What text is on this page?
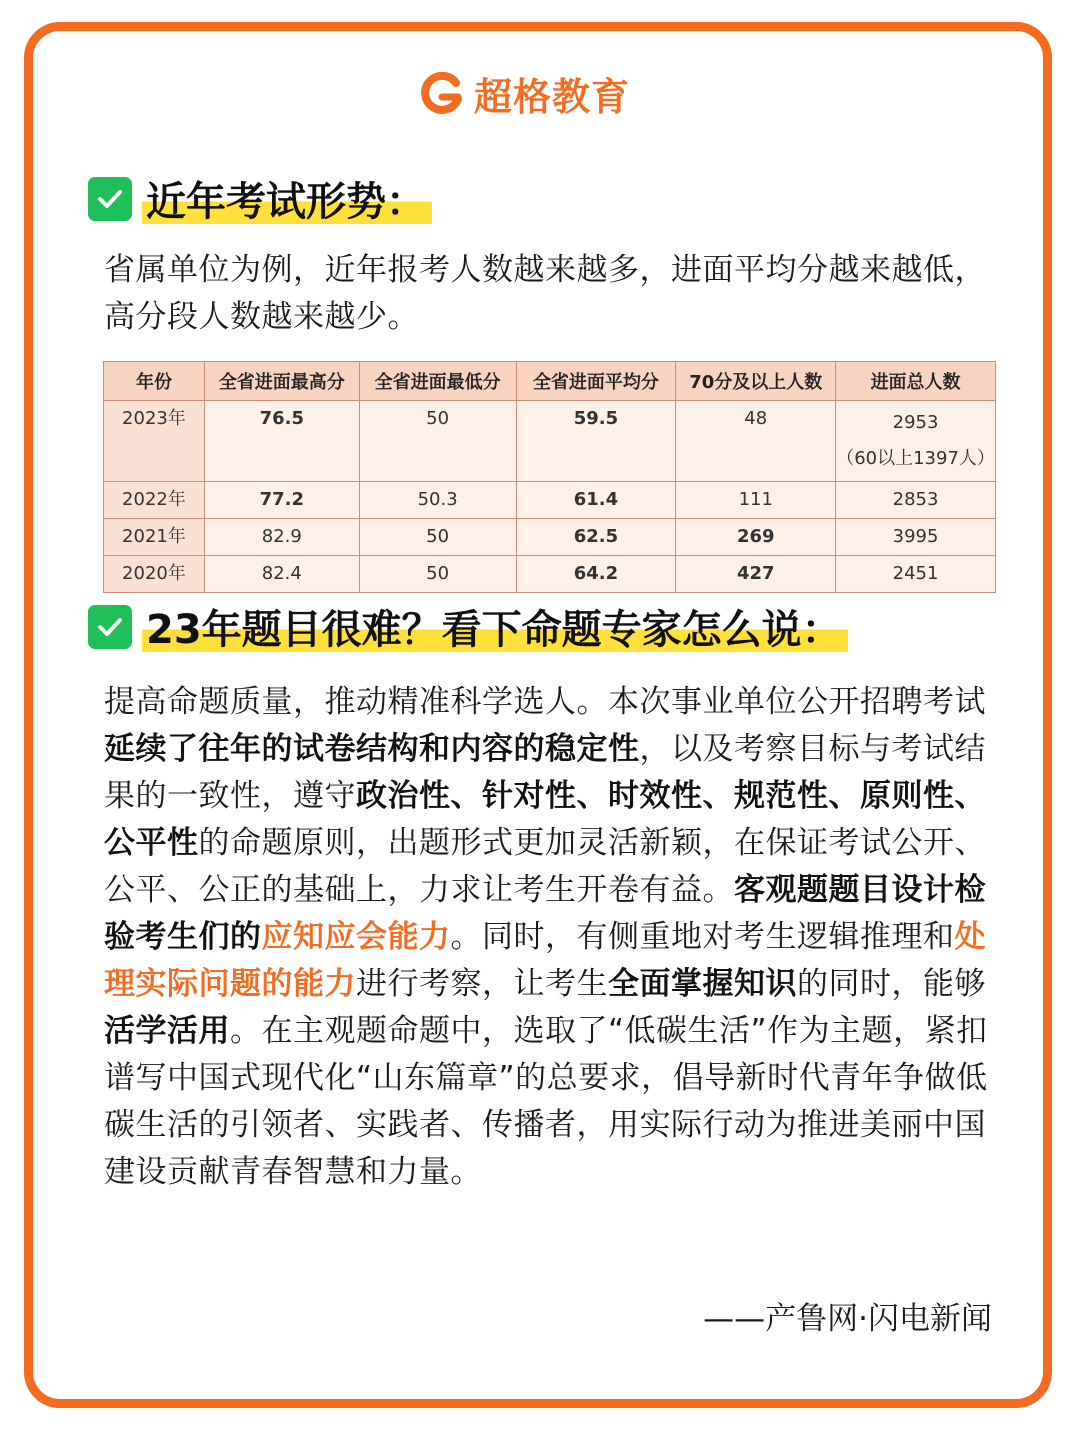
超格教育
近年考试形势：
省属单位为例，近年报考人数越来越多，进面平均分越来越低，高分段人数越来越少。
年份	全省进面最高分	全省进面最低分	全省进面平均分	70分及以上人数	进面总人数
2023年	76.5	50	59.5	48	2953
（60以上1397人）

2022年	77.2	50.3	61.4	111	2853
2021年	82.9	50	62.5	269	3995
2020年	82.4	50	64.2	427	2451
23年题目很难？看下命题专家怎么说：
提高命题质量，推动精准科学选人。本次事业单位公开招聘考试延续了往年的试卷结构和内容的稳定性，以及考察目标与考试结果的一致性，遵守政治性、针对性、时效性、规范性、原则性、公平性的命题原则，出题形式更加灵活新颖，在保证考试公开、公平、公正的基础上，力求让考生开卷有益。客观题题目设计检验考生们的应知应会能力。同时，有侧重地对考生逻辑推理和处理实际问题的能力进行考察，让考生全面掌握知识的同时，能够活学活用。在主观题命题中，选取了“低碳生活”作为主题，紧扣谱写中国式现代化“山东篇章”的总要求，倡导新时代青年争做低碳生活的引领者、实践者、传播者，用实际行动为推进美丽中国建设贡献青春智慧和力量。
——产鲁网·闪电新闻
